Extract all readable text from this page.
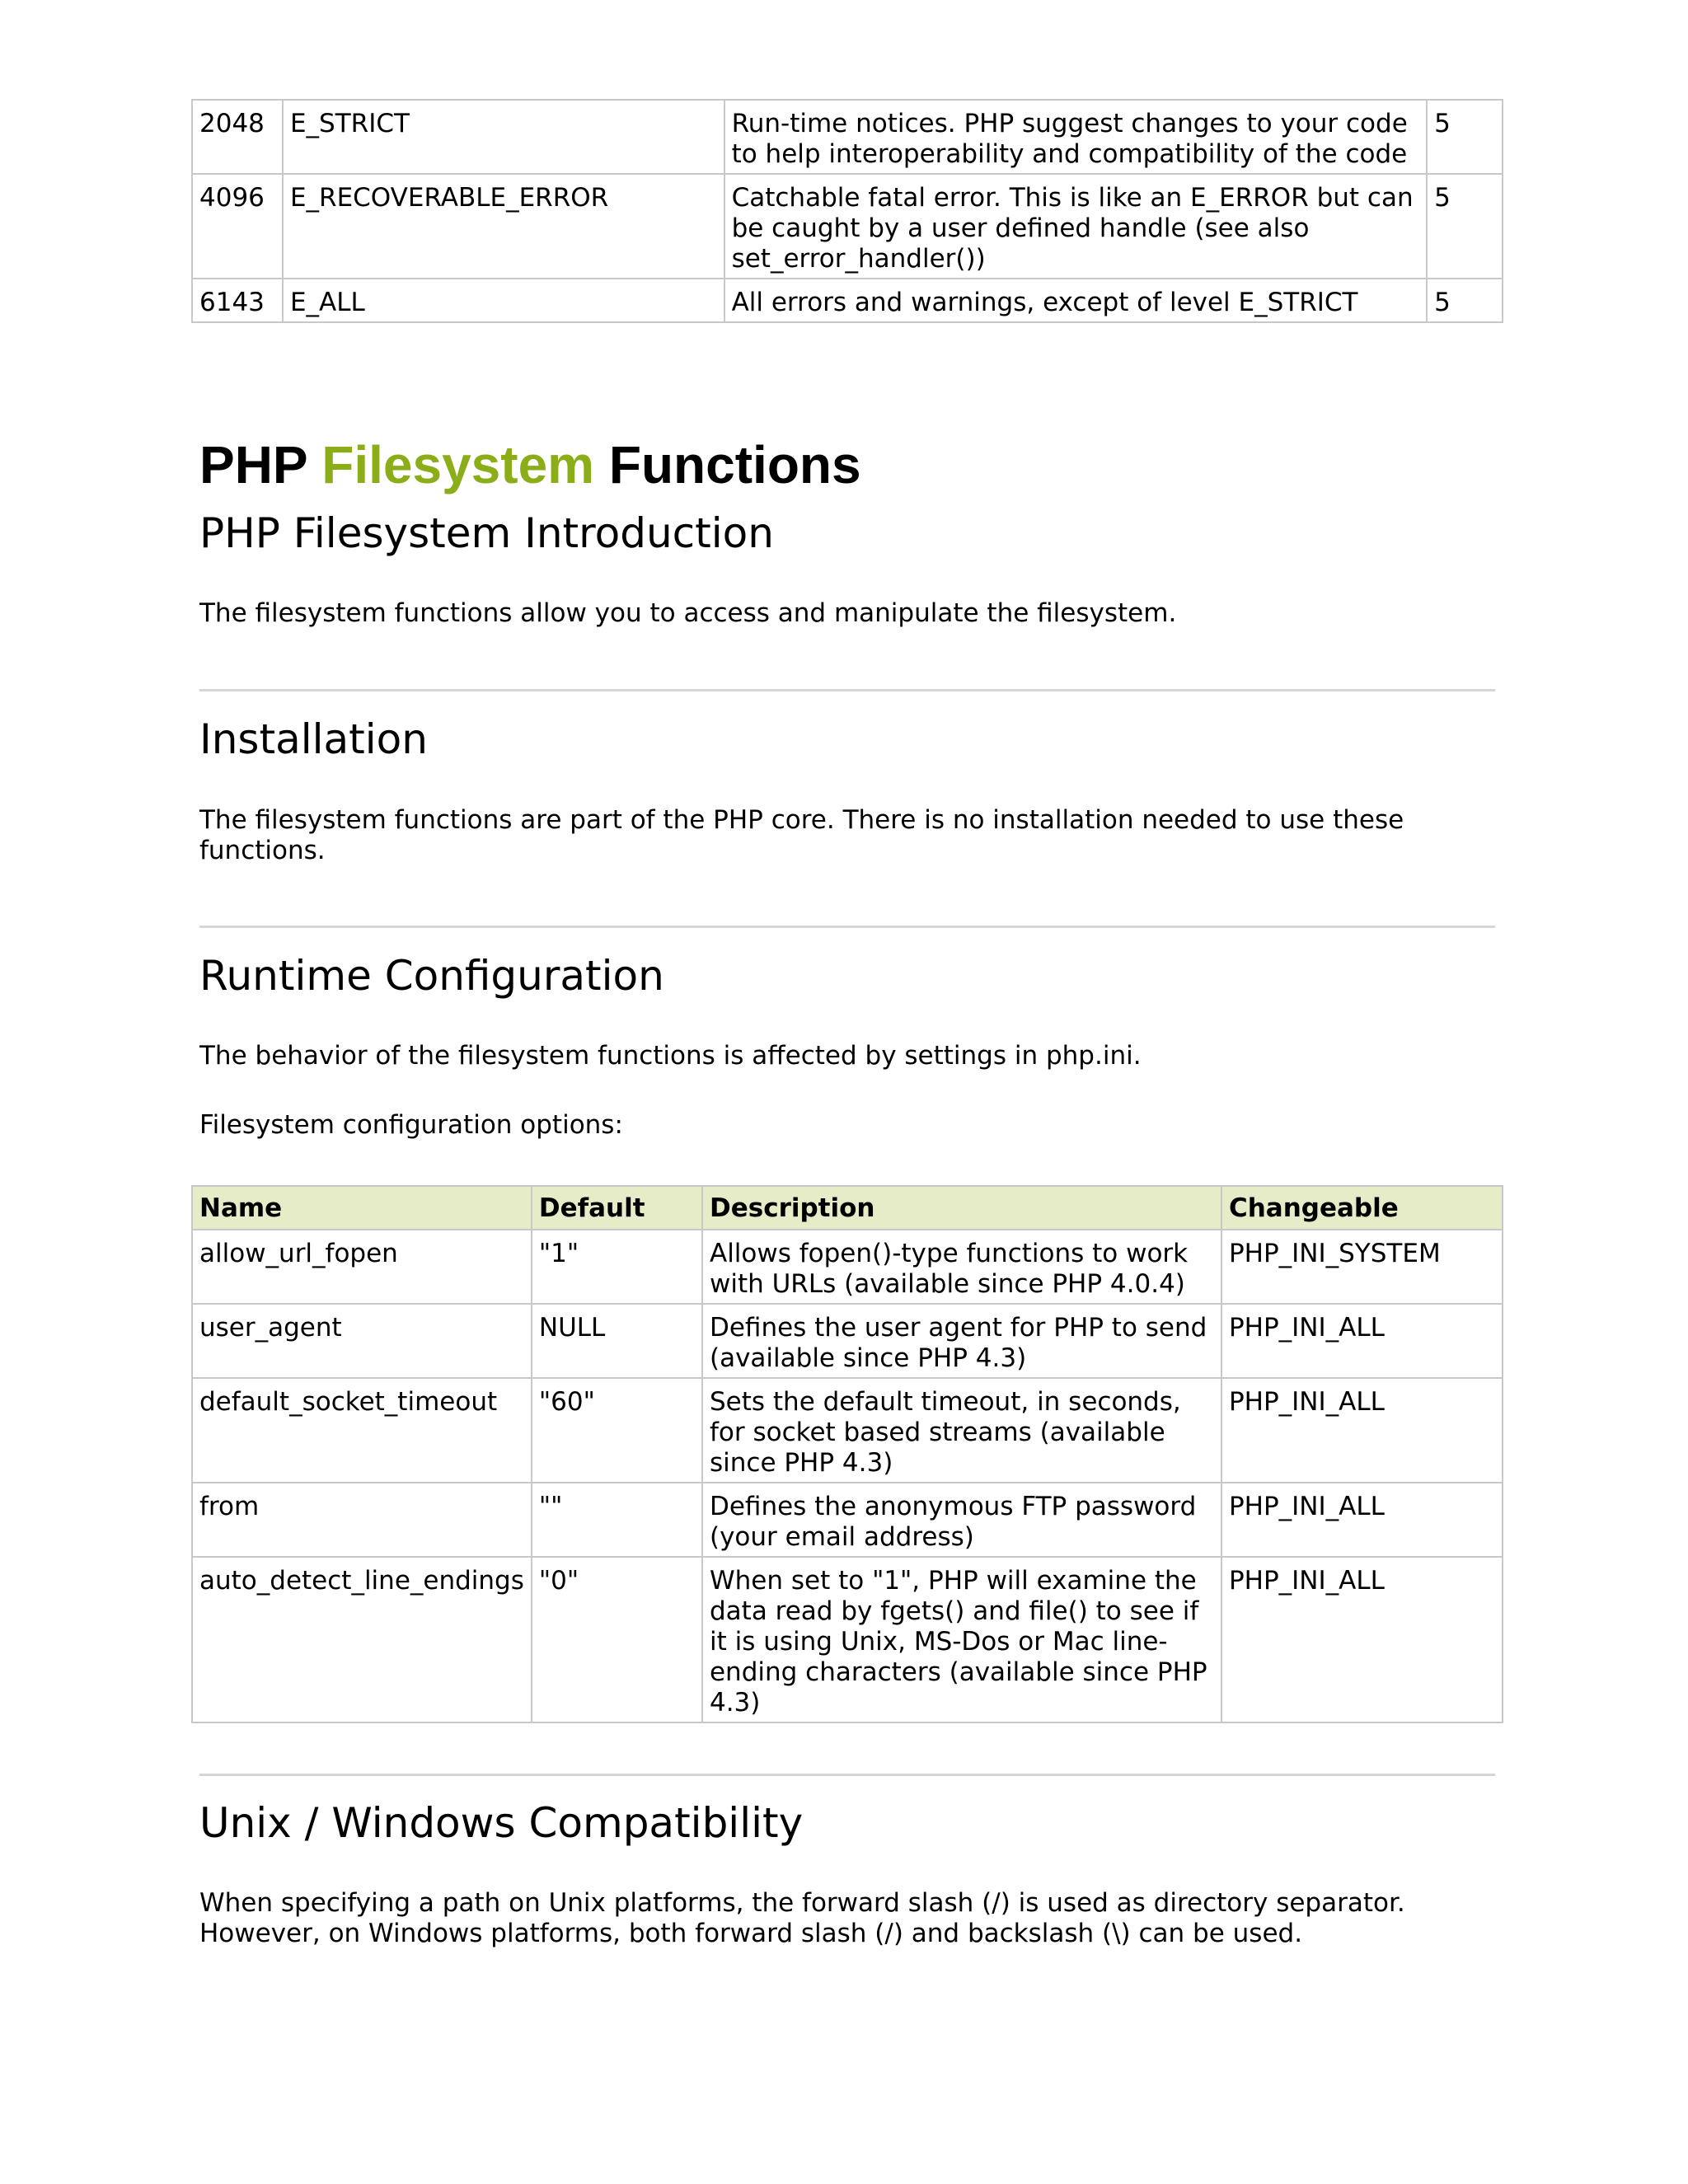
2048	E_STRICT	Run-time notices. PHP suggest changes to your code to help interoperability and compatibility of the code	5
4096	E_RECOVERABLE_ERROR	Catchable fatal error. This is like an E_ERROR but can be caught by a user defined handle (see also set_error_handler())	5
6143	E_ALL	All errors and warnings, except of level E_STRICT	5
PHP Filesystem Functions
PHP Filesystem Introduction

The filesystem functions allow you to access and manipulate the filesystem.

Installation

The filesystem functions are part of the PHP core. There is no installation needed to use these functions.

Runtime Configuration

The behavior of the filesystem functions is affected by settings in php.ini.

Filesystem configuration options:

Name	Default	Description	Changeable
allow_url_fopen	"1"	Allows fopen()-type functions to work with URLs (available since PHP 4.0.4)	PHP_INI_SYSTEM
user_agent	NULL	Defines the user agent for PHP to send (available since PHP 4.3)	PHP_INI_ALL
default_socket_timeout	"60"	Sets the default timeout, in seconds, for socket based streams (available since PHP 4.3)	PHP_INI_ALL
from	""	Defines the anonymous FTP password (your email address)	PHP_INI_ALL
auto_detect_line_endings	"0"	When set to "1", PHP will examine the data read by fgets() and file() to see if it is using Unix, MS-Dos or Mac line-ending characters (available since PHP 4.3)	PHP_INI_ALL
Unix / Windows Compatibility

When specifying a path on Unix platforms, the forward slash (/) is used as directory separator. However, on Windows platforms, both forward slash (/) and backslash (\) can be used.
